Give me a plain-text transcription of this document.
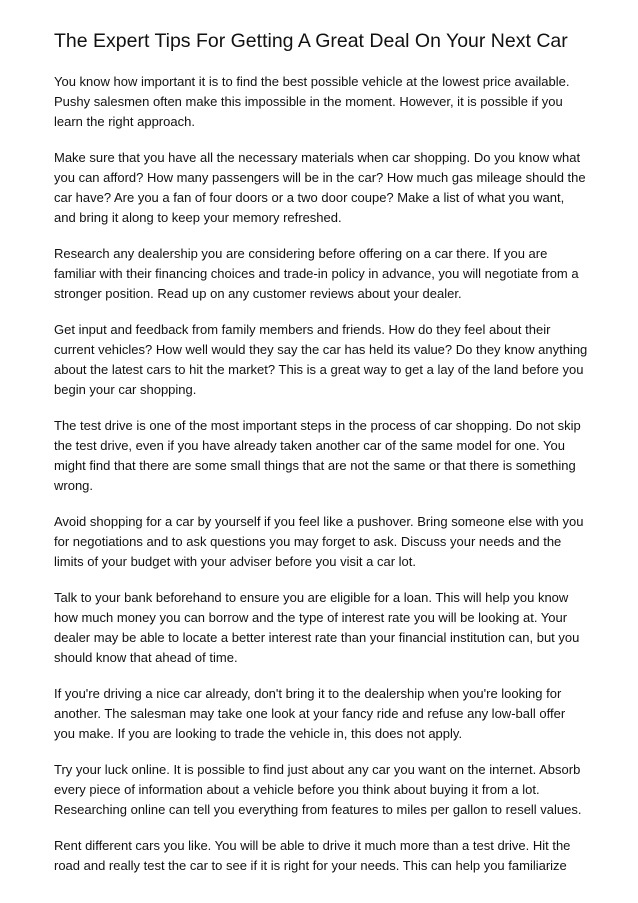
The Expert Tips For Getting A Great Deal On Your Next Car

You know how important it is to find the best possible vehicle at the lowest price available. Pushy salesmen often make this impossible in the moment. However, it is possible if you learn the right approach.

Make sure that you have all the necessary materials when car shopping. Do you know what you can afford? How many passengers will be in the car? How much gas mileage should the car have? Are you a fan of four doors or a two door coupe? Make a list of what you want, and bring it along to keep your memory refreshed.

Research any dealership you are considering before offering on a car there. If you are familiar with their financing choices and trade-in policy in advance, you will negotiate from a stronger position. Read up on any customer reviews about your dealer.

Get input and feedback from family members and friends. How do they feel about their current vehicles? How well would they say the car has held its value? Do they know anything about the latest cars to hit the market? This is a great way to get a lay of the land before you begin your car shopping.

The test drive is one of the most important steps in the process of car shopping. Do not skip the test drive, even if you have already taken another car of the same model for one. You might find that there are some small things that are not the same or that there is something wrong.

Avoid shopping for a car by yourself if you feel like a pushover. Bring someone else with you for negotiations and to ask questions you may forget to ask. Discuss your needs and the limits of your budget with your adviser before you visit a car lot.

Talk to your bank beforehand to ensure you are eligible for a loan. This will help you know how much money you can borrow and the type of interest rate you will be looking at. Your dealer may be able to locate a better interest rate than your financial institution can, but you should know that ahead of time.

If you're driving a nice car already, don't bring it to the dealership when you're looking for another. The salesman may take one look at your fancy ride and refuse any low-ball offer you make. If you are looking to trade the vehicle in, this does not apply.

Try your luck online. It is possible to find just about any car you want on the internet. Absorb every piece of information about a vehicle before you think about buying it from a lot. Researching online can tell you everything from features to miles per gallon to resell values.

Rent different cars you like. You will be able to drive it much more than a test drive. Hit the road and really test the car to see if it is right for your needs. This can help you familiarize
